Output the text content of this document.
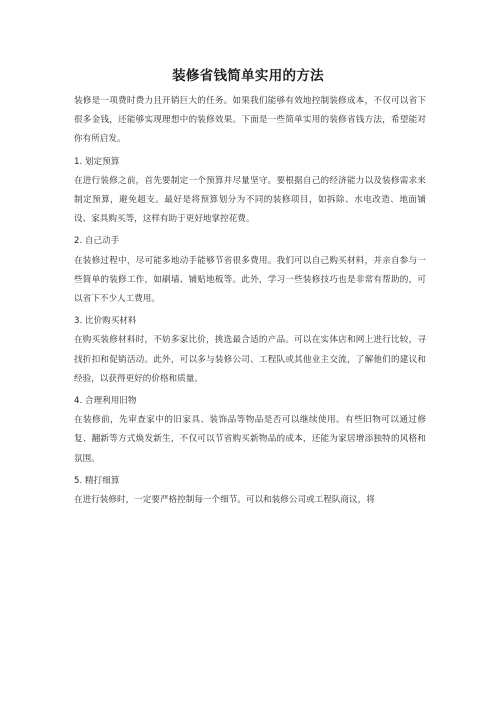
装修省钱简单实用的方法

装修是一项费时费力且开销巨大的任务。如果我们能够有效地控制装修成本，不仅可以省下很多金钱，还能够实现理想中的装修效果。下面是一些简单实用的装修省钱方法，希望能对你有所启发。

1. 划定预算

在进行装修之前，首先要制定一个预算并尽量坚守。要根据自己的经济能力以及装修需求来制定预算，避免超支。最好是将预算划分为不同的装修项目，如拆除、水电改造、地面铺设、家具购买等，这样有助于更好地掌控花费。

2. 自己动手

在装修过程中，尽可能多地动手能够节省很多费用。我们可以自己购买材料，并亲自参与一些简单的装修工作，如刷墙、铺贴地板等。此外，学习一些装修技巧也是非常有帮助的，可以省下不少人工费用。

3. 比价购买材料

在购买装修材料时，不妨多家比价，挑选最合适的产品。可以在实体店和网上进行比较，寻找折扣和促销活动。此外，可以多与装修公司、工程队或其他业主交流，了解他们的建议和经验，以获得更好的价格和质量。

4. 合理利用旧物

在装修前，先审查家中的旧家具、装饰品等物品是否可以继续使用。有些旧物可以通过修复、翻新等方式焕发新生，不仅可以节省购买新物品的成本，还能为家居增添独特的风格和氛围。

5. 精打细算

在进行装修时，一定要严格控制每一个细节。可以和装修公司或工程队商议，将
